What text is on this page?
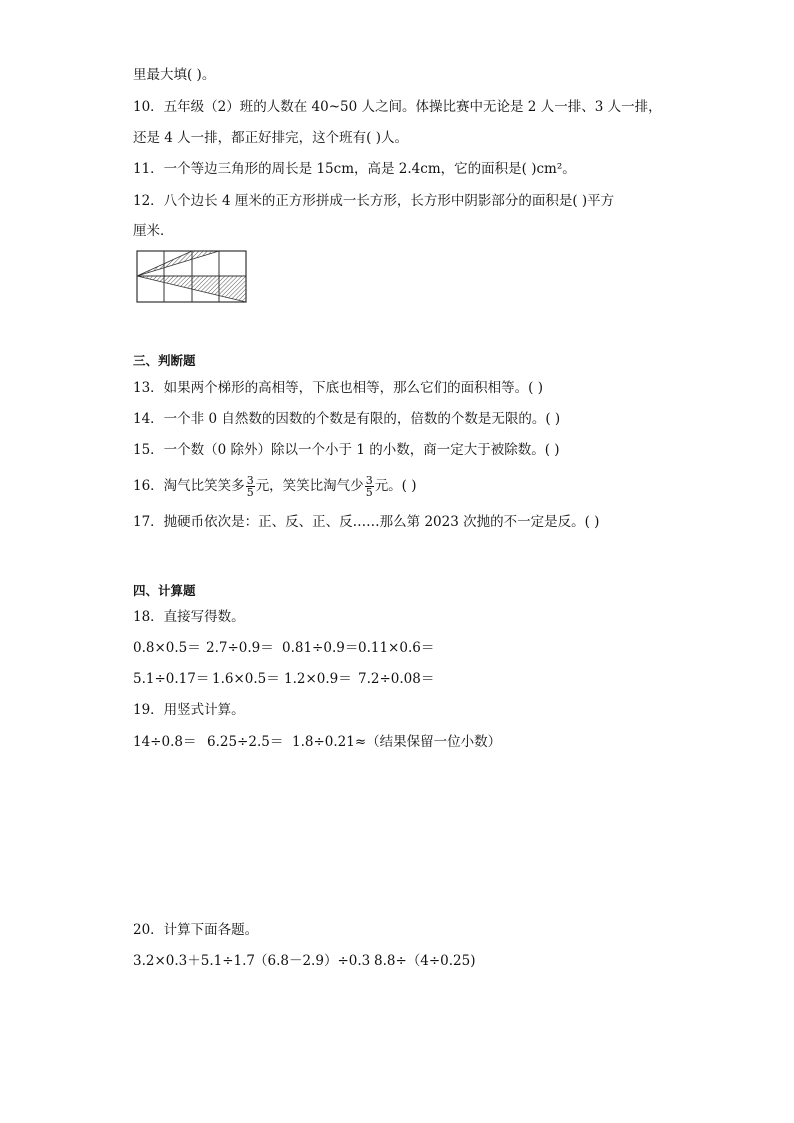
里最大填( )。
10．五年级（2）班的人数在 40~50 人之间。体操比赛中无论是 2 人一排、3 人一排，
还是 4 人一排，都正好排完，这个班有( )人。
11．一个等边三角形的周长是 15cm，高是 2.4cm，它的面积是( )cm²。
12．八个边长 4 厘米的正方形拼成一长方形，长方形中阴影部分的面积是( )平方
厘米．
三、判断题
13．如果两个梯形的高相等，下底也相等，那么它们的面积相等。( )
14．一个非 0 自然数的因数的个数是有限的，倍数的个数是无限的。( )
15．一个数（0 除外）除以一个小于 1 的小数，商一定大于被除数。( )
16．淘气比笑笑多 $\frac{3}{5}$ 元，笑笑比淘气少 $\frac{3}{5}$ 元。( )
17．抛硬币依次是：正、反、正、反……那么第 2023 次抛的不一定是反。( )
四、计算题
18．直接写得数。
0.8×0.5＝ 2.7÷0.9＝ 0.81÷0.9＝0.11×0.6＝
5.1÷0.17＝ 1.6×0.5＝ 1.2×0.9＝ 7.2÷0.08＝
19．用竖式计算。
14÷0.8＝ 6.25÷2.5＝ 1.8÷0.21≈（结果保留一位小数）
20．计算下面各题。
3.2×0.3＋5.1÷1.7（6.8－2.9）÷0.3 8.8÷（4÷0.25)
